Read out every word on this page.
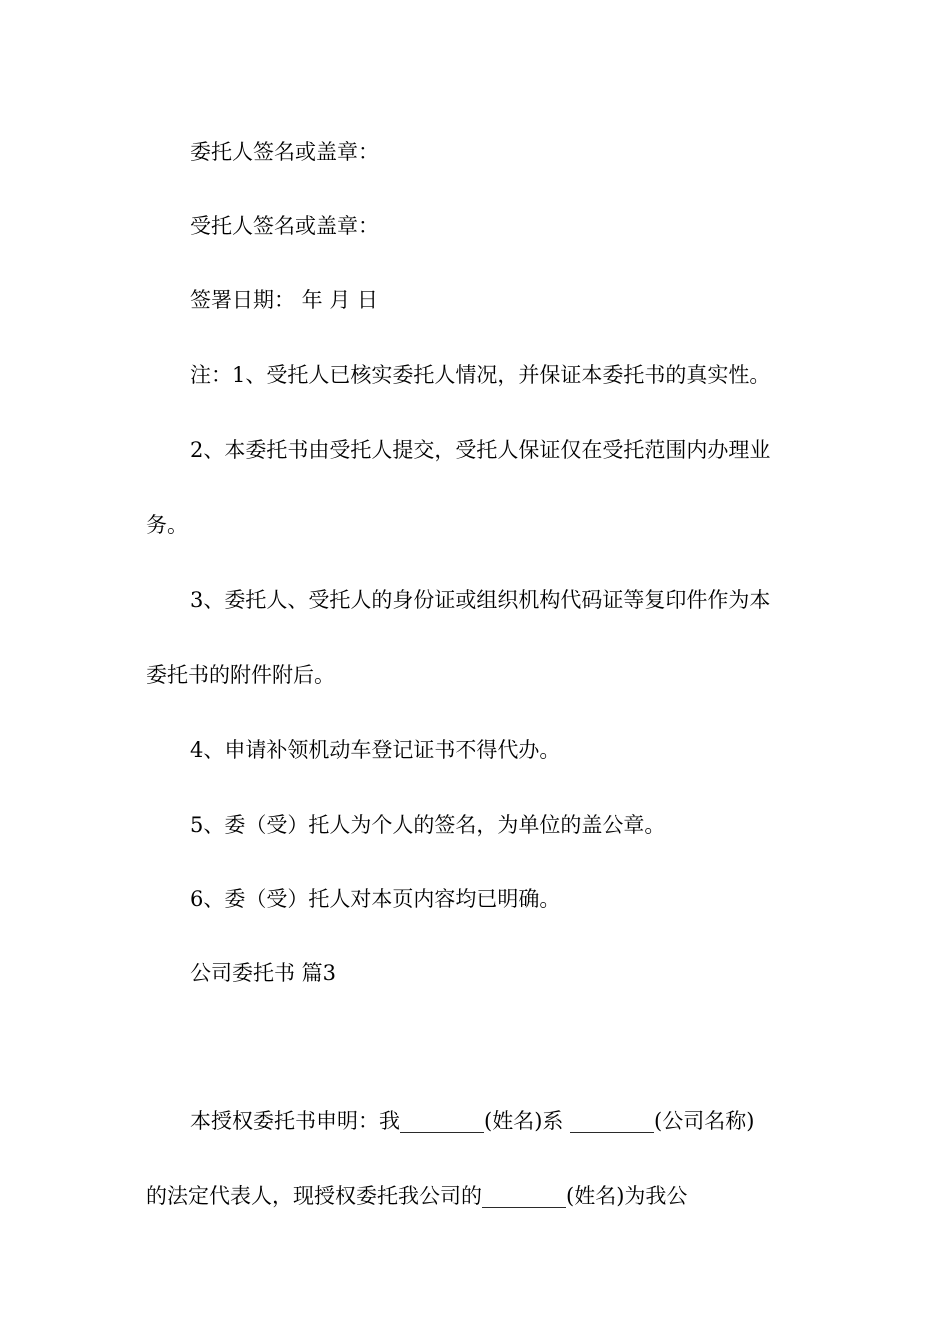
委托人签名或盖章：
受托人签名或盖章：
签署日期： 年 月 日
注：1、受托人已核实委托人情况，并保证本委托书的真实性。
2、本委托书由受托人提交，受托人保证仅在受托范围内办理业
务。
3、委托人、受托人的身份证或组织机构代码证等复印件作为本
委托书的附件附后。
4、申请补领机动车登记证书不得代办。
5、委（受）托人为个人的签名，为单位的盖公章。
6、委（受）托人对本页内容均已明确。
公司委托书 篇3
本授权委托书申明：我________(姓名)系 ________(公司名称)
的法定代表人，现授权委托我公司的________(姓名)为我公
